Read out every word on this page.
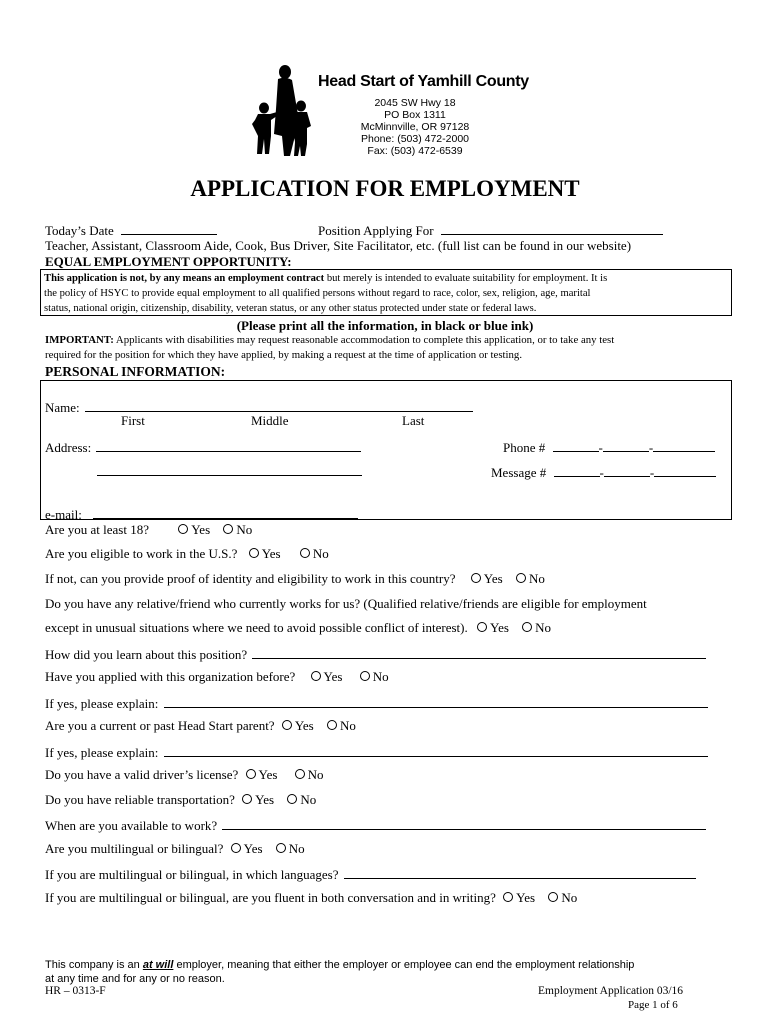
Head Start of Yamhill County
2045 SW Hwy 18
PO Box 1311
McMinnville, OR 97128
Phone: (503) 472-2000
Fax: (503) 472-6539
APPLICATION FOR EMPLOYMENT
Today’s Date	Position Applying For
Teacher, Assistant, Classroom Aide, Cook, Bus Driver, Site Facilitator, etc. (full list can be found in our website)
EQUAL EMPLOYMENT OPPORTUNITY:
This application is not, by any means an employment contract but merely is intended to evaluate suitability for employment. It is
the policy of HSYC to provide equal employment to all qualified persons without regard to race, color, sex, religion, age, marital
status, national origin, citizenship, disability, veteran status, or any other status protected under state or federal laws.
(Please print all the information, in black or blue ink)
IMPORTANT: Applicants with disabilities may request reasonable accommodation to complete this application, or to take any test
required for the position for which they have applied, by making a request at the time of application or testing.
PERSONAL INFORMATION:
Name:
First	Middle	Last
Address:	Phone #	-	-
Message #	-	-
e-mail:
Are you at least 18?	Yes
No
Are you eligible to work in the U.S.? Yes
No
If not, can you provide proof of identity and eligibility to work in this country? Yes
No
Do you have any relative/friend who currently works for us? (Qualified relative/friends are eligible for employment
except in unusual situations where we need to avoid possible conflict of interest). Yes
No
How did you learn about this position?
Have you applied with this organization before? Yes
No
If yes, please explain:
Are you a current or past Head Start parent? Yes
No
If yes, please explain:
Do you have a valid driver’s license? Yes
No
Do you have reliable transportation? Yes
No
When are you available to work?
Are you multilingual or bilingual? Yes
No
If you are multilingual or bilingual, in which languages?
If you are multilingual or bilingual, are you fluent in both conversation and in writing? Yes
No
This company is an at will employer, meaning that either the employer or employee can end the employment relationship
at any time and for any or no reason.
HR – 0313-F	Employment Application 03/16
Page 1 of 6
